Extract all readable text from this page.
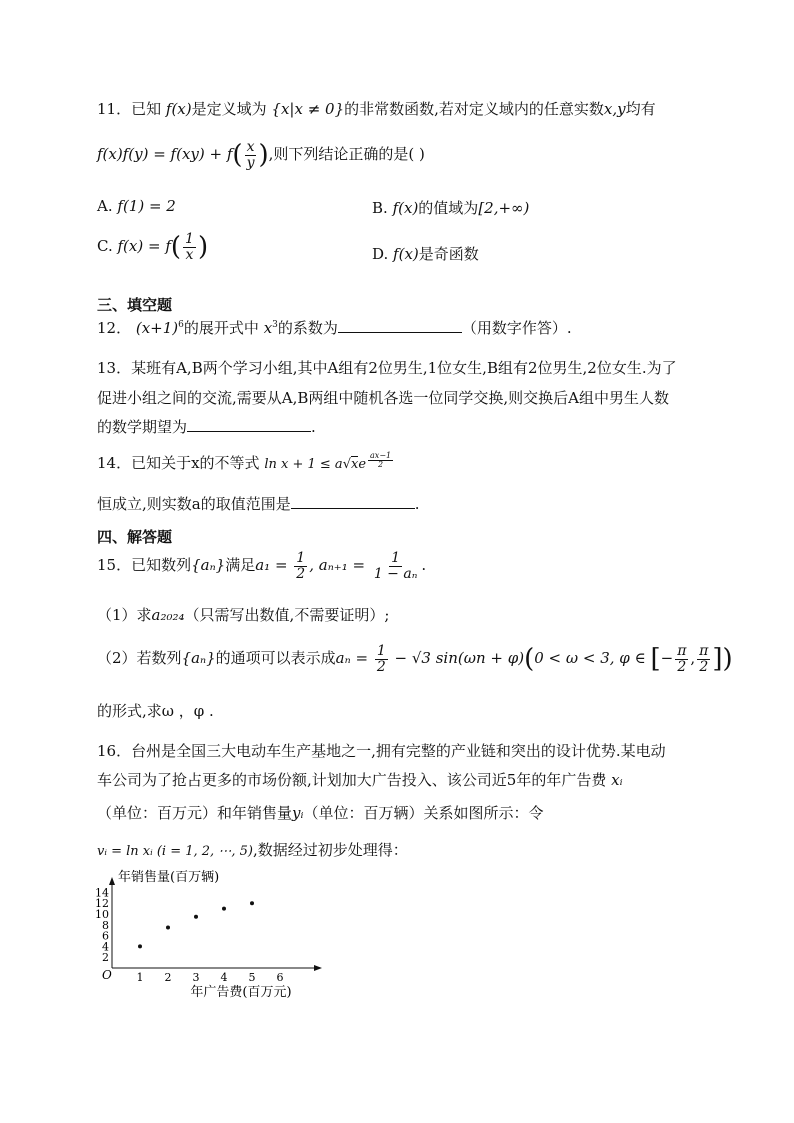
11．已知 f(x)是定义域为 {x|x ≠ 0}的非常数函数,若对定义域内的任意实数x,y均有
$f(x)f(y) = f(xy) + f( \frac{x}{y}$ ),则下列结论正确的是( )
A. f(1) = 2	B. f(x)的值域为[2,+∞)
C. $f(x) = f( \frac{1}{x}$ )	D. f(x)是奇函数
三、填空题
12． $(x+1)^6$的展开式中 $x^3$的系数为	（用数字作答）.
13．某班有A,B两个学习小组,其中A组有2位男生,1位女生,B组有2位男生,2位女生.为了
促进小组之间的交流,需要从A,B两组中随机各选一位同学交换,则交换后A组中男生人数
的数学期望为	.
14．已知关于x的不等式 $\ln x + 1 \le a√xe \frac{ax-1}{2}$
恒成立,则实数a的取值范围是	.
四、解答题
15．已知数列{aₙ}满足$a_1 = \frac{1}{2}$ , $a_{n+1} = \frac{1}{\text{1 − aₙ}}$ .
（1）求a₂₀₂₄（只需写出数值,不需要证明）;
（2）若数列{aₙ}的通项可以表示成$a_n = \frac{1}{2} - √3$ sin(ωn + φ)(0 < ω < 3, φ ∈ [− $\frac{\pi}{2}$ , $\frac{\pi}{2}$ ])
的形式,求ω ，φ .
16．台州是全国三大电动车生产基地之一,拥有完整的产业链和突出的设计优势.某电动
车公司为了抢占更多的市场份额,计划加大广告投入、该公司近5年的年广告费 xᵢ
（单位：百万元）和年销售量yᵢ（单位：百万辆）关系如图所示：令
vᵢ = ln xᵢ (i = 1, 2, ⋯, 5),数据经过初步处理得：
O 1 2 3 4 5 6
2
4
6
8
10
12
14
年销售量(百万辆)
年广告费(百万元)
